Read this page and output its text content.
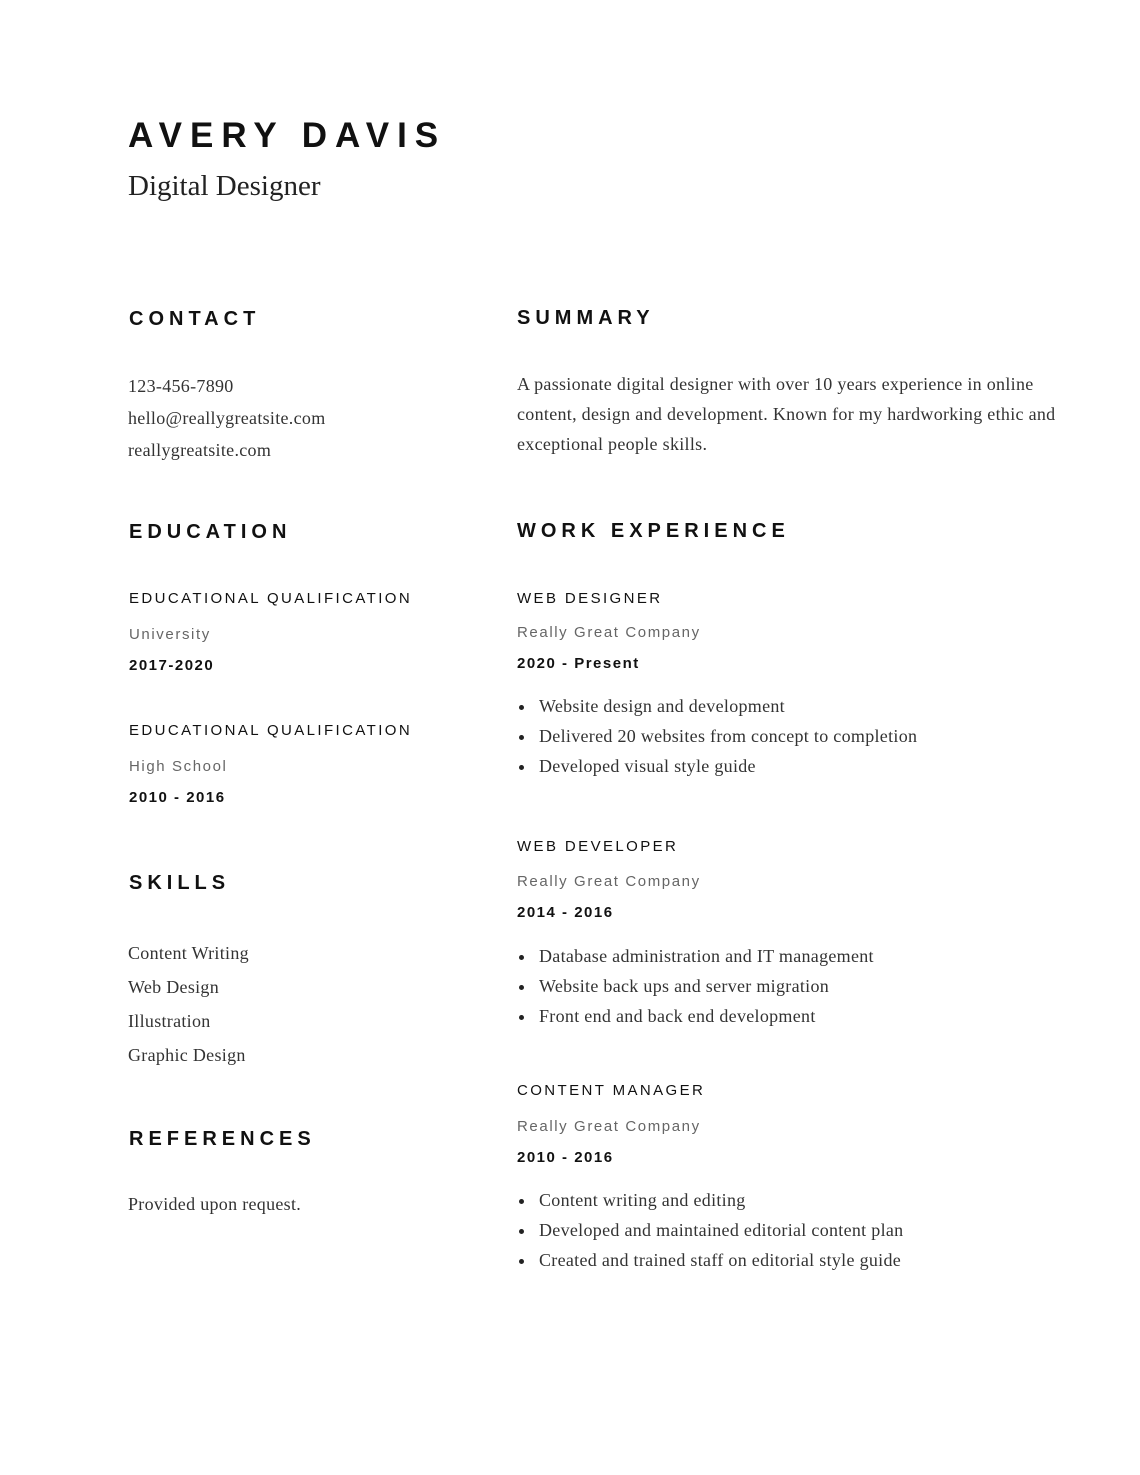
AVERY DAVIS
Digital Designer
CONTACT
123-456-7890
hello@reallygreatsite.com
reallygreatsite.com
SUMMARY
A passionate digital designer with over 10 years experience in online content, design and development. Known for my hardworking ethic and exceptional people skills.
EDUCATION
EDUCATIONAL QUALIFICATION
University
2017-2020
EDUCATIONAL QUALIFICATION
High School
2010 - 2016
SKILLS
Content Writing
Web Design
Illustration
Graphic Design
REFERENCES
Provided upon request.
WORK EXPERIENCE
WEB DESIGNER
Really Great Company
2020 - Present
Website design and development
Delivered 20 websites from concept to completion
Developed visual style guide
WEB DEVELOPER
Really Great Company
2014 - 2016
Database administration and IT management
Website back ups and server migration
Front end and back end development
CONTENT MANAGER
Really Great Company
2010 - 2016
Content writing and editing
Developed and maintained editorial content plan
Created and trained staff on editorial style guide
